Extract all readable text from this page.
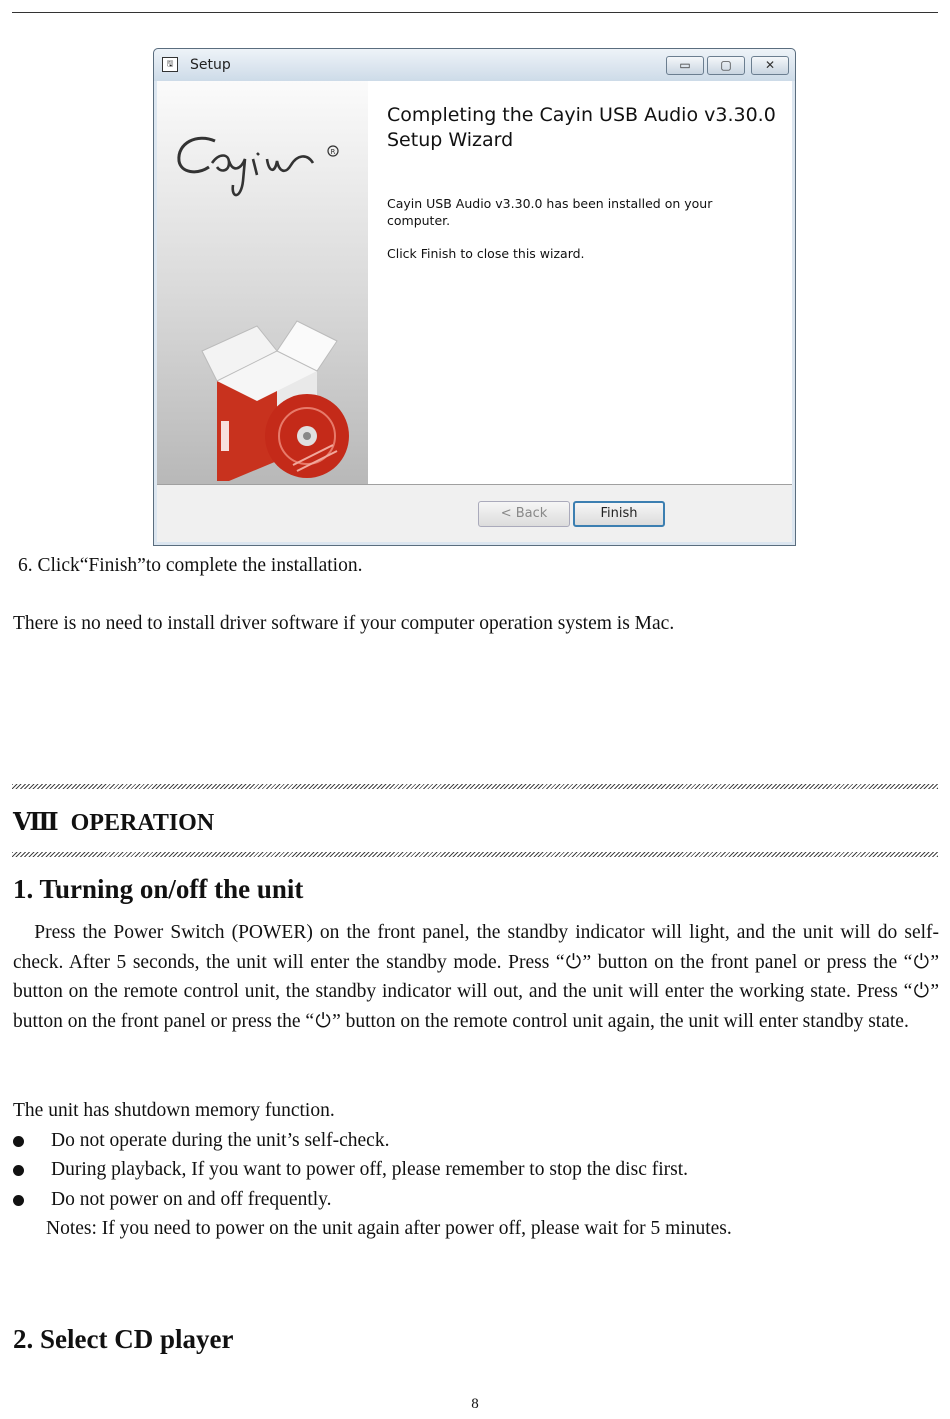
🖫	Setup	▭	▢	✕
R
Completing the Cayin USB Audio v3.30.0 Setup Wizard

Cayin USB Audio v3.30.0 has been installed on your computer.

Click Finish to close this wizard.

< Back	Finish

6. Click“Finish”to complete the installation.

There is no need to install driver software if your computer operation system is Mac.

Ⅷ OPERATION
1. Turning on/off the unit

Press the Power Switch (POWER) on the front panel, the standby indicator will light, and the unit will do self-check. After 5 seconds, the unit will enter the standby mode. Press “⏻” button on the front panel or press the “⏻” button on the remote control unit, the standby indicator will out, and the unit will enter the working state. Press “⏻” button on the front panel or press the “⏻” button on the remote control unit again, the unit will enter standby state.

The unit has shutdown memory function.

Do not operate during the unit’s self-check.
During playback, If you want to power off, please remember to stop the disc first.
Do not power on and off frequently.

Notes: If you need to power on the unit again after power off, please wait for 5 minutes.

2. Select CD player
8
